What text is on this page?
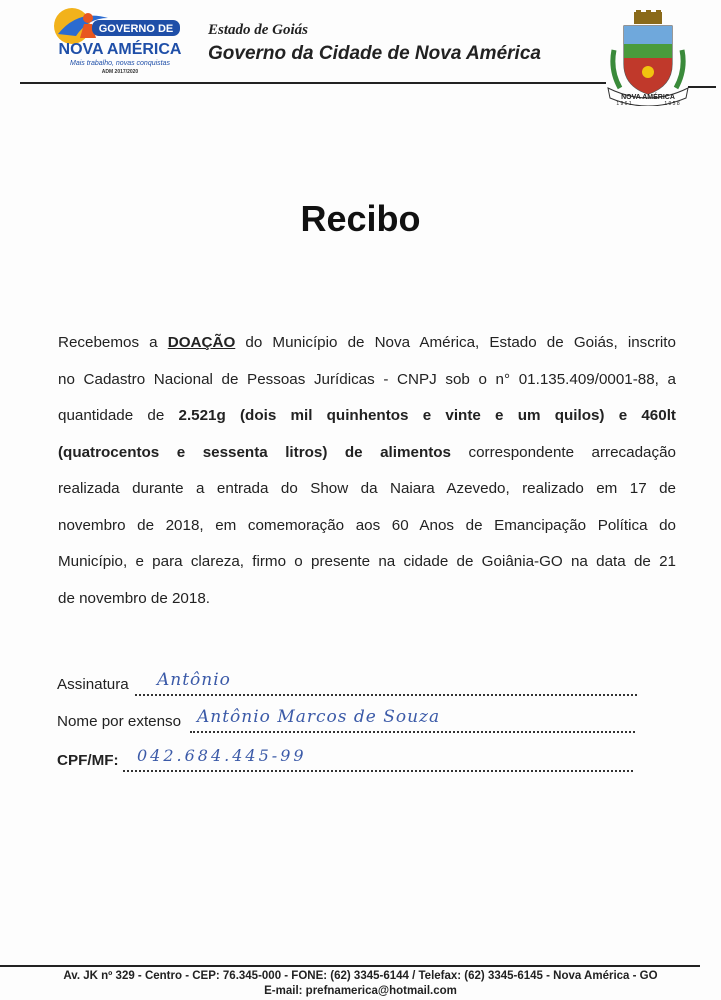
GOVERNO DE
NOVA AMÉRICA
Mais trabalho, novas conquistas
ADM 2017/2020
Estado de Goiás
Governo da Cidade de Nova América
NOVA AMÉRICA
1 9 6 1	1 9 5 8
Recibo
Recebemos a DOAÇÃO do Município de Nova América, Estado de Goiás, inscrito
no Cadastro Nacional de Pessoas Jurídicas - CNPJ sob o n° 01.135.409/0001-88, a
quantidade de 2.521g (dois mil quinhentos e vinte e um quilos) e 460lt
(quatrocentos e sessenta litros) de alimentos correspondente arrecadação
realizada durante a entrada do Show da Naiara Azevedo, realizado em 17 de
novembro de 2018, em comemoração aos 60 Anos de Emancipação Política do
Município, e para clareza, firmo o presente na cidade de Goiânia-GO na data de 21
de novembro de 2018.
Assinatura Antônio
Nome por extenso Antônio Marcos de Souza
CPF/MF: 042.684.445-99
Av. JK nº 329 - Centro - CEP: 76.345-000 - FONE: (62) 3345-6144 / Telefax: (62) 3345-6145 - Nova América - GO
E-mail: prefnamerica@hotmail.com
